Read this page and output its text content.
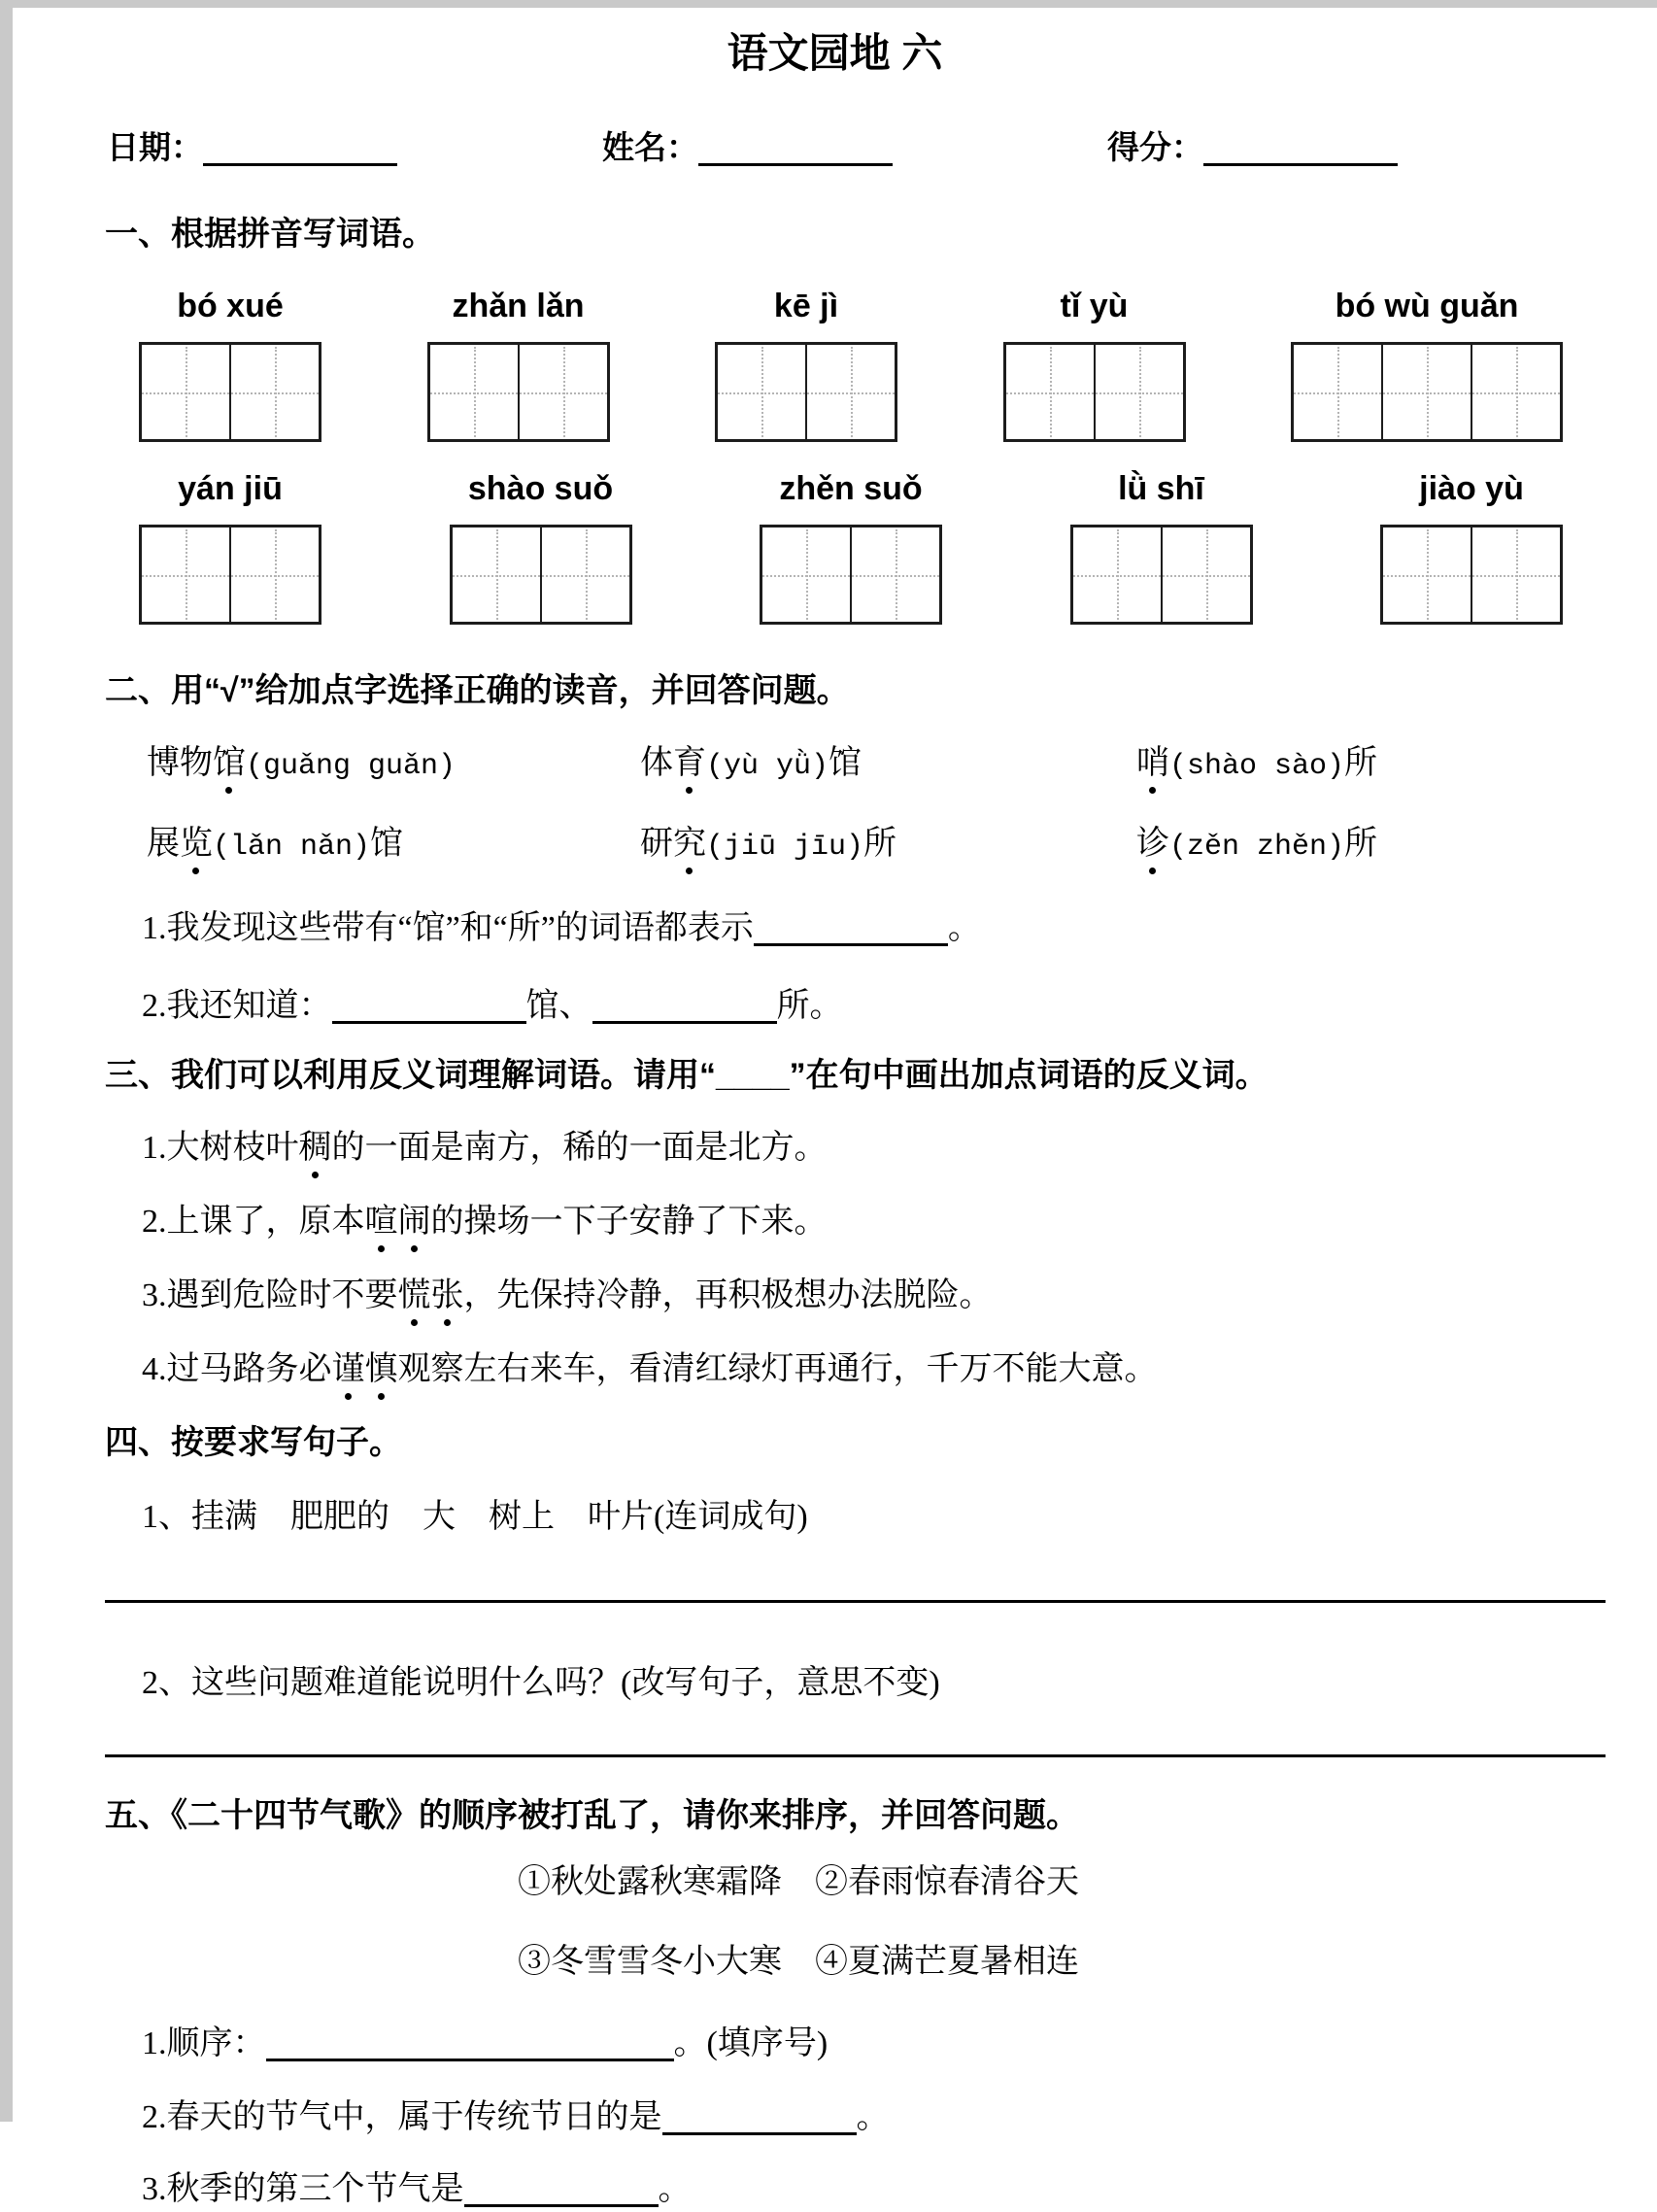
语文园地 六
日期：	姓名：	得分：
一、根据拼音写词语。
bó xué	zhǎn lǎn	kē jì	tǐ yù	bó wù guǎn
yán jiū	shào suǒ	zhěn suǒ	lǜ shī	jiào yù
二、用“√”给加点字选择正确的读音，并回答问题。
博物馆(guǎng guǎn)	体育(yù yǜ)馆	哨(shào sào)所
展览(lǎn nǎn)馆	研究(jiū jīu)所	诊(zěn zhěn)所
1.我发现这些带有“馆”和“所”的词语都表示	。
2.我还知道：	馆、	所。
三、我们可以利用反义词理解词语。请用“____”在句中画出加点词语的反义词。
1.大树枝叶稠的一面是南方，稀的一面是北方。
2.上课了，原本喧闹的操场一下子安静了下来。
3.遇到危险时不要慌张，先保持冷静，再积极想办法脱险。
4.过马路务必谨慎观察左右来车，看清红绿灯再通行，千万不能大意。
四、按要求写句子。
1、挂满　肥肥的　大　树上　叶片(连词成句)
2、这些问题难道能说明什么吗？(改写句子，意思不变)
五、《二十四节气歌》的顺序被打乱了，请你来排序，并回答问题。
①秋处露秋寒霜降　②春雨惊春清谷天
③冬雪雪冬小大寒　④夏满芒夏暑相连
1.顺序：	。(填序号)
2.春天的节气中，属于传统节日的是	。
3.秋季的第三个节气是	。
